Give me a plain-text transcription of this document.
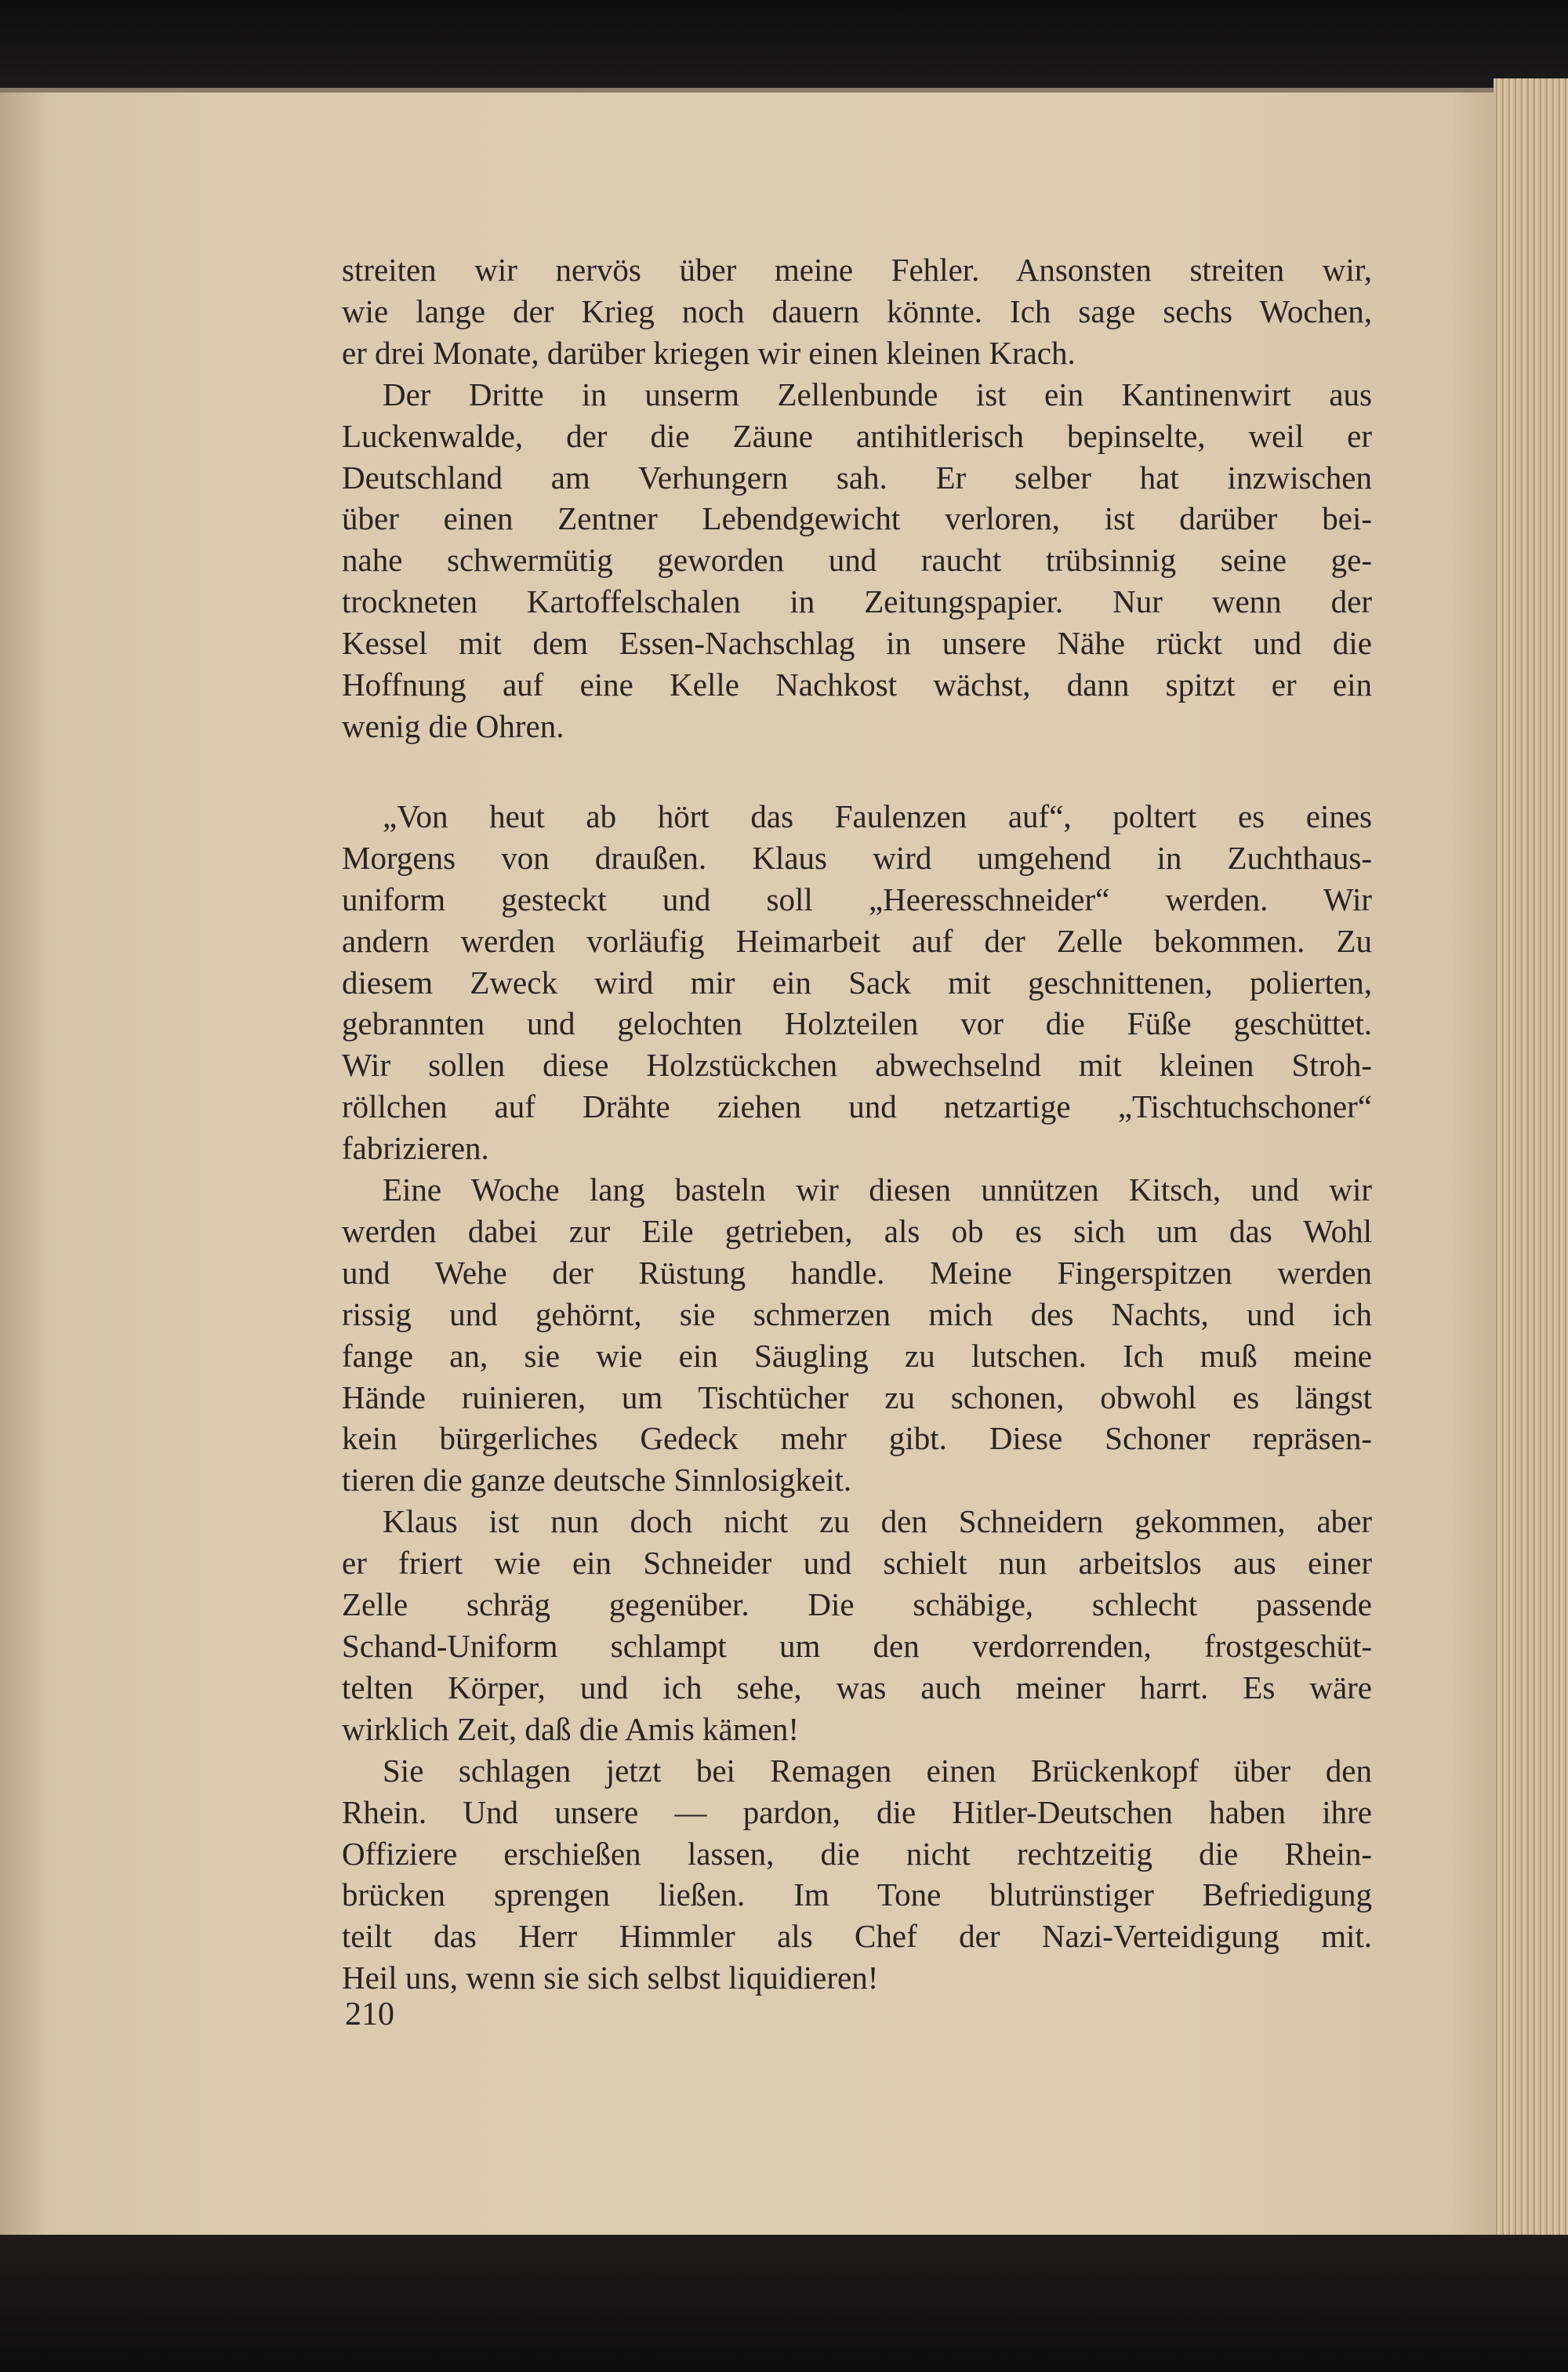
streiten wir nervös über meine Fehler. Ansonsten streiten wir,
wie lange der Krieg noch dauern könnte. Ich sage sechs Wochen,
er drei Monate, darüber kriegen wir einen kleinen Krach.
Der Dritte in unserm Zellenbunde ist ein Kantinenwirt aus
Luckenwalde, der die Zäune antihitlerisch bepinselte, weil er
Deutschland am Verhungern sah. Er selber hat inzwischen
über einen Zentner Lebendgewicht verloren, ist darüber bei-
nahe schwermütig geworden und raucht trübsinnig seine ge-
trockneten Kartoffelschalen in Zeitungspapier. Nur wenn der
Kessel mit dem Essen-Nachschlag in unsere Nähe rückt und die
Hoffnung auf eine Kelle Nachkost wächst, dann spitzt er ein
wenig die Ohren.
„Von heut ab hört das Faulenzen auf“, poltert es eines
Morgens von draußen. Klaus wird umgehend in Zuchthaus-
uniform gesteckt und soll „Heeresschneider“ werden. Wir
andern werden vorläufig Heimarbeit auf der Zelle bekommen. Zu
diesem Zweck wird mir ein Sack mit geschnittenen, polierten,
gebrannten und gelochten Holzteilen vor die Füße geschüttet.
Wir sollen diese Holzstückchen abwechselnd mit kleinen Stroh-
röllchen auf Drähte ziehen und netzartige „Tischtuchschoner“
fabrizieren.
Eine Woche lang basteln wir diesen unnützen Kitsch, und wir
werden dabei zur Eile getrieben, als ob es sich um das Wohl
und Wehe der Rüstung handle. Meine Fingerspitzen werden
rissig und gehörnt, sie schmerzen mich des Nachts, und ich
fange an, sie wie ein Säugling zu lutschen. Ich muß meine
Hände ruinieren, um Tischtücher zu schonen, obwohl es längst
kein bürgerliches Gedeck mehr gibt. Diese Schoner repräsen-
tieren die ganze deutsche Sinnlosigkeit.
Klaus ist nun doch nicht zu den Schneidern gekommen, aber
er friert wie ein Schneider und schielt nun arbeitslos aus einer
Zelle schräg gegenüber. Die schäbige, schlecht passende
Schand-Uniform schlampt um den verdorrenden, frostgeschüt-
telten Körper, und ich sehe, was auch meiner harrt. Es wäre
wirklich Zeit, daß die Amis kämen!
Sie schlagen jetzt bei Remagen einen Brückenkopf über den
Rhein. Und unsere — pardon, die Hitler-Deutschen haben ihre
Offiziere erschießen lassen, die nicht rechtzeitig die Rhein-
brücken sprengen ließen. Im Tone blutrünstiger Befriedigung
teilt das Herr Himmler als Chef der Nazi-Verteidigung mit.
Heil uns, wenn sie sich selbst liquidieren!
210
